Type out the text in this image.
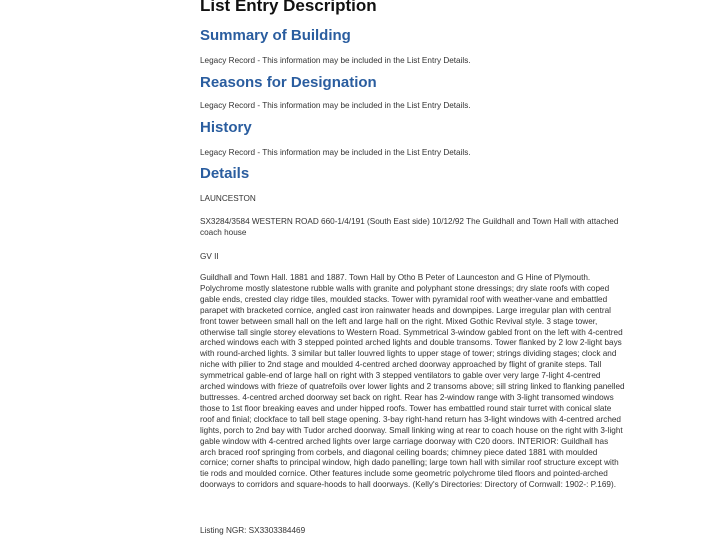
List Entry Description
Summary of Building

Legacy Record - This information may be included in the List Entry Details.

Reasons for Designation

Legacy Record - This information may be included in the List Entry Details.

History

Legacy Record - This information may be included in the List Entry Details.

Details

LAUNCESTON

SX3284/3584 WESTERN ROAD 660-1/4/191 (South East side) 10/12/92 The Guildhall and Town Hall with attached

coach house

GV II

Guildhall and Town Hall. 1881 and 1887. Town Hall by Otho B Peter of Launceston and G Hine of Plymouth.
Polychrome mostly slatestone rubble walls with granite and polyphant stone dressings; dry slate roofs with coped
gable ends, crested clay ridge tiles, moulded stacks. Tower with pyramidal roof with weather-vane and embattled
parapet with bracketed cornice, angled cast iron rainwater heads and downpipes. Large irregular plan with central
front tower between small hall on the left and large hall on the right. Mixed Gothic Revival style. 3 stage tower,
otherwise tall single storey elevations to Western Road. Symmetrical 3-window gabled front on the left with 4-centred
arched windows each with 3 stepped pointed arched lights and double transoms. Tower flanked by 2 low 2-light bays
with round-arched lights. 3 similar but taller louvred lights to upper stage of tower; strings dividing stages; clock and
niche with pilier to 2nd stage and moulded 4-centred arched doorway approached by flight of granite steps. Tall
symmetrical gable-end of large hall on right with 3 stepped ventilators to gable over very large 7-light 4-centred
arched windows with frieze of quatrefoils over lower lights and 2 transoms above; sill string linked to flanking panelled
buttresses. 4-centred arched doorway set back on right. Rear has 2-window range with 3-light transomed windows
those to 1st floor breaking eaves and under hipped roofs. Tower has embattled round stair turret with conical slate
roof and finial; clockface to tall bell stage opening. 3-bay right-hand return has 3-light windows with 4-centred arched
lights, porch to 2nd bay with Tudor arched doorway. Small linking wing at rear to coach house on the right with 3-light
gable window with 4-centred arched lights over large carriage doorway with C20 doors. INTERIOR: Guildhall has
arch braced roof springing from corbels, and diagonal ceiling boards; chimney piece dated 1881 with moulded
cornice; corner shafts to principal window, high dado panelling; large town hall with similar roof structure except with
tie rods and moulded cornice. Other features include some geometric polychrome tiled floors and pointed-arched
doorways to corridors and square-hoods to hall doorways. (Kelly's Directories: Directory of Cornwall: 1902-: P.169).

Listing NGR: SX3303384469
